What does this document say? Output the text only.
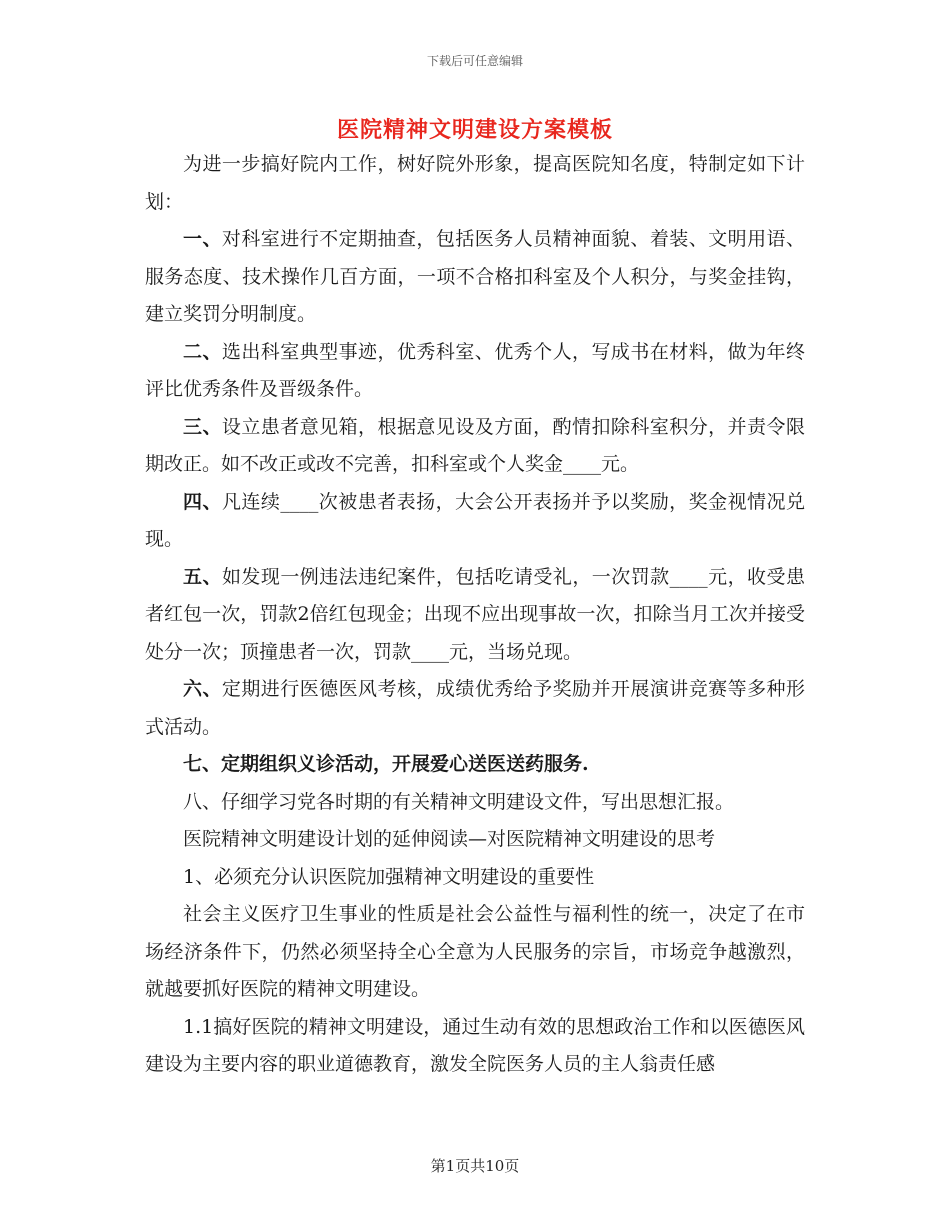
下载后可任意编辑
医院精神文明建设方案模板

为进一步搞好院内工作，树好院外形象，提高医院知名度，特制定如下计划：

一、对科室进行不定期抽查，包括医务人员精神面貌、着装、文明用语、服务态度、技术操作几百方面，一项不合格扣科室及个人积分，与奖金挂钩，建立奖罚分明制度。

二、选出科室典型事迹，优秀科室、优秀个人，写成书在材料，做为年终评比优秀条件及晋级条件。

三、设立患者意见箱，根据意见设及方面，酌情扣除科室积分，并责令限期改正。如不改正或改不完善，扣科室或个人奖金____元。

四、凡连续____次被患者表扬，大会公开表扬并予以奖励，奖金视情况兑现。

五、如发现一例违法违纪案件，包括吃请受礼，一次罚款____元，收受患者红包一次，罚款2倍红包现金；出现不应出现事故一次，扣除当月工次并接受处分一次；顶撞患者一次，罚款____元，当场兑现。

六、定期进行医德医风考核，成绩优秀给予奖励并开展演讲竞赛等多种形式活动。

七、定期组织义诊活动，开展爱心送医送药服务.

八、仔细学习党各时期的有关精神文明建设文件，写出思想汇报。

医院精神文明建设计划的延伸阅读—对医院精神文明建设的思考

1、必须充分认识医院加强精神文明建设的重要性

社会主义医疗卫生事业的性质是社会公益性与福利性的统一，决定了在市场经济条件下，仍然必须坚持全心全意为人民服务的宗旨，市场竞争越激烈，就越要抓好医院的精神文明建设。

1.1搞好医院的精神文明建设，通过生动有效的思想政治工作和以医德医风建设为主要内容的职业道德教育，激发全院医务人员的主人翁责任感

第1页共10页
